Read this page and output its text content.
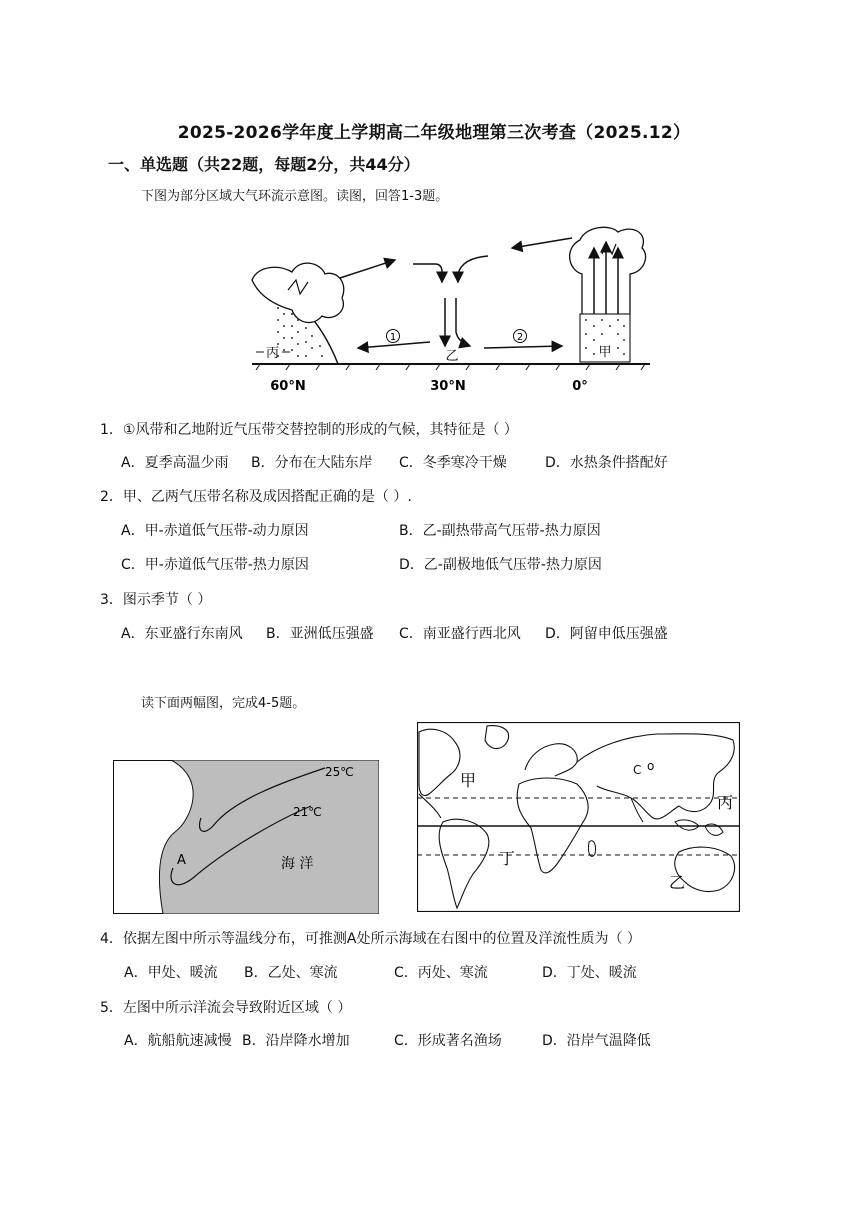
2025-2026学年度上学期高二年级地理第三次考查（2025.12）
一、单选题（共22题，每题2分，共44分）
下图为部分区域大气环流示意图。读图，回答1-3题。
1	2
丙	乙	甲
60°N	30°N	0°
1．①风带和乙地附近气压带交替控制的形成的气候，其特征是（ ）
A．夏季高温少雨 B．分布在大陆东岸 C．冬季寒冷干燥	D．水热条件搭配好
2．甲、乙两气压带名称及成因搭配正确的是（ ）.
A．甲-赤道低气压带-动力原因	B．乙-副热带高气压带-热力原因
C．甲-赤道低气压带-热力原因	D．乙-副极地低气压带-热力原因
3．图示季节（ ）
A．东亚盛行东南风 B．亚洲低压强盛 C．南亚盛行西北风 D．阿留申低压强盛
读下面两幅图，完成4-5题。
25℃
21℃
A	海 洋
C o
甲
丙
丁
乙
4．依据左图中所示等温线分布，可推测A处所示海域在右图中的位置及洋流性质为（ ）
A．甲处、暖流 B．乙处、寒流	C．丙处、寒流	D．丁处、暖流
5．左图中所示洋流会导致附近区域（ ）
A．航船航速减慢 B．沿岸降水增加	C．形成著名渔场	D．沿岸气温降低
